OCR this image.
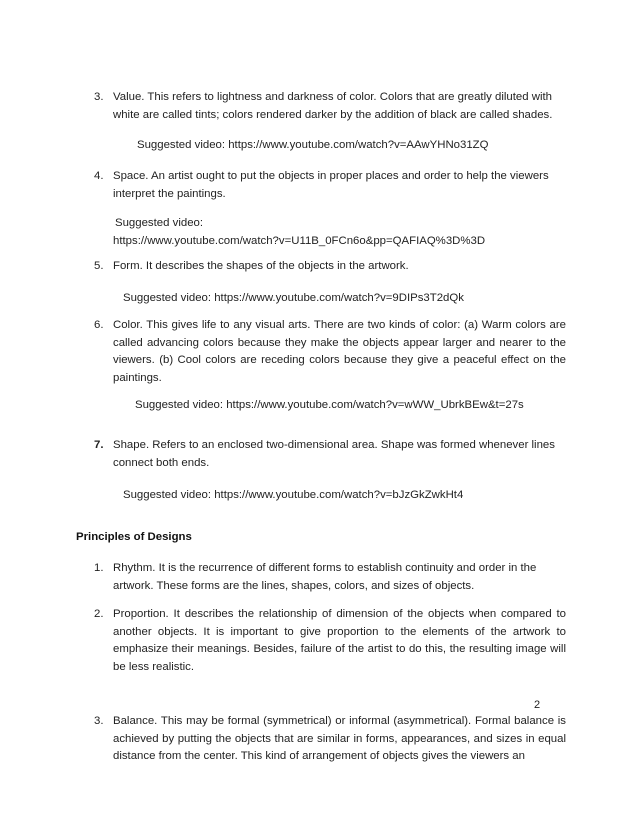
3. Value. This refers to lightness and darkness of color. Colors that are greatly diluted with white are called tints; colors rendered darker by the addition of black are called shades.
Suggested video: https://www.youtube.com/watch?v=AAwYHNo31ZQ
4. Space. An artist ought to put the objects in proper places and order to help the viewers interpret the paintings.
Suggested video:
https://www.youtube.com/watch?v=U11B_0FCn6o&pp=QAFIAQ%3D%3D
5. Form. It describes the shapes of the objects in the artwork.
Suggested video: https://www.youtube.com/watch?v=9DIPs3T2dQk
6. Color. This gives life to any visual arts. There are two kinds of color: (a) Warm colors are called advancing colors because they make the objects appear larger and nearer to the viewers. (b) Cool colors are receding colors because they give a peaceful effect on the paintings.
Suggested video: https://www.youtube.com/watch?v=wWW_UbrkBEw&t=27s
7. Shape. Refers to an enclosed two-dimensional area. Shape was formed whenever lines connect both ends.
Suggested video: https://www.youtube.com/watch?v=bJzGkZwkHt4
Principles of Designs
1. Rhythm. It is the recurrence of different forms to establish continuity and order in the artwork. These forms are the lines, shapes, colors, and sizes of objects.
2. Proportion. It describes the relationship of dimension of the objects when compared to another objects. It is important to give proportion to the elements of the artwork to emphasize their meanings. Besides, failure of the artist to do this, the resulting image will be less realistic.
2
3. Balance. This may be formal (symmetrical) or informal (asymmetrical). Formal balance is achieved by putting the objects that are similar in forms, appearances, and sizes in equal distance from the center. This kind of arrangement of objects gives the viewers an
